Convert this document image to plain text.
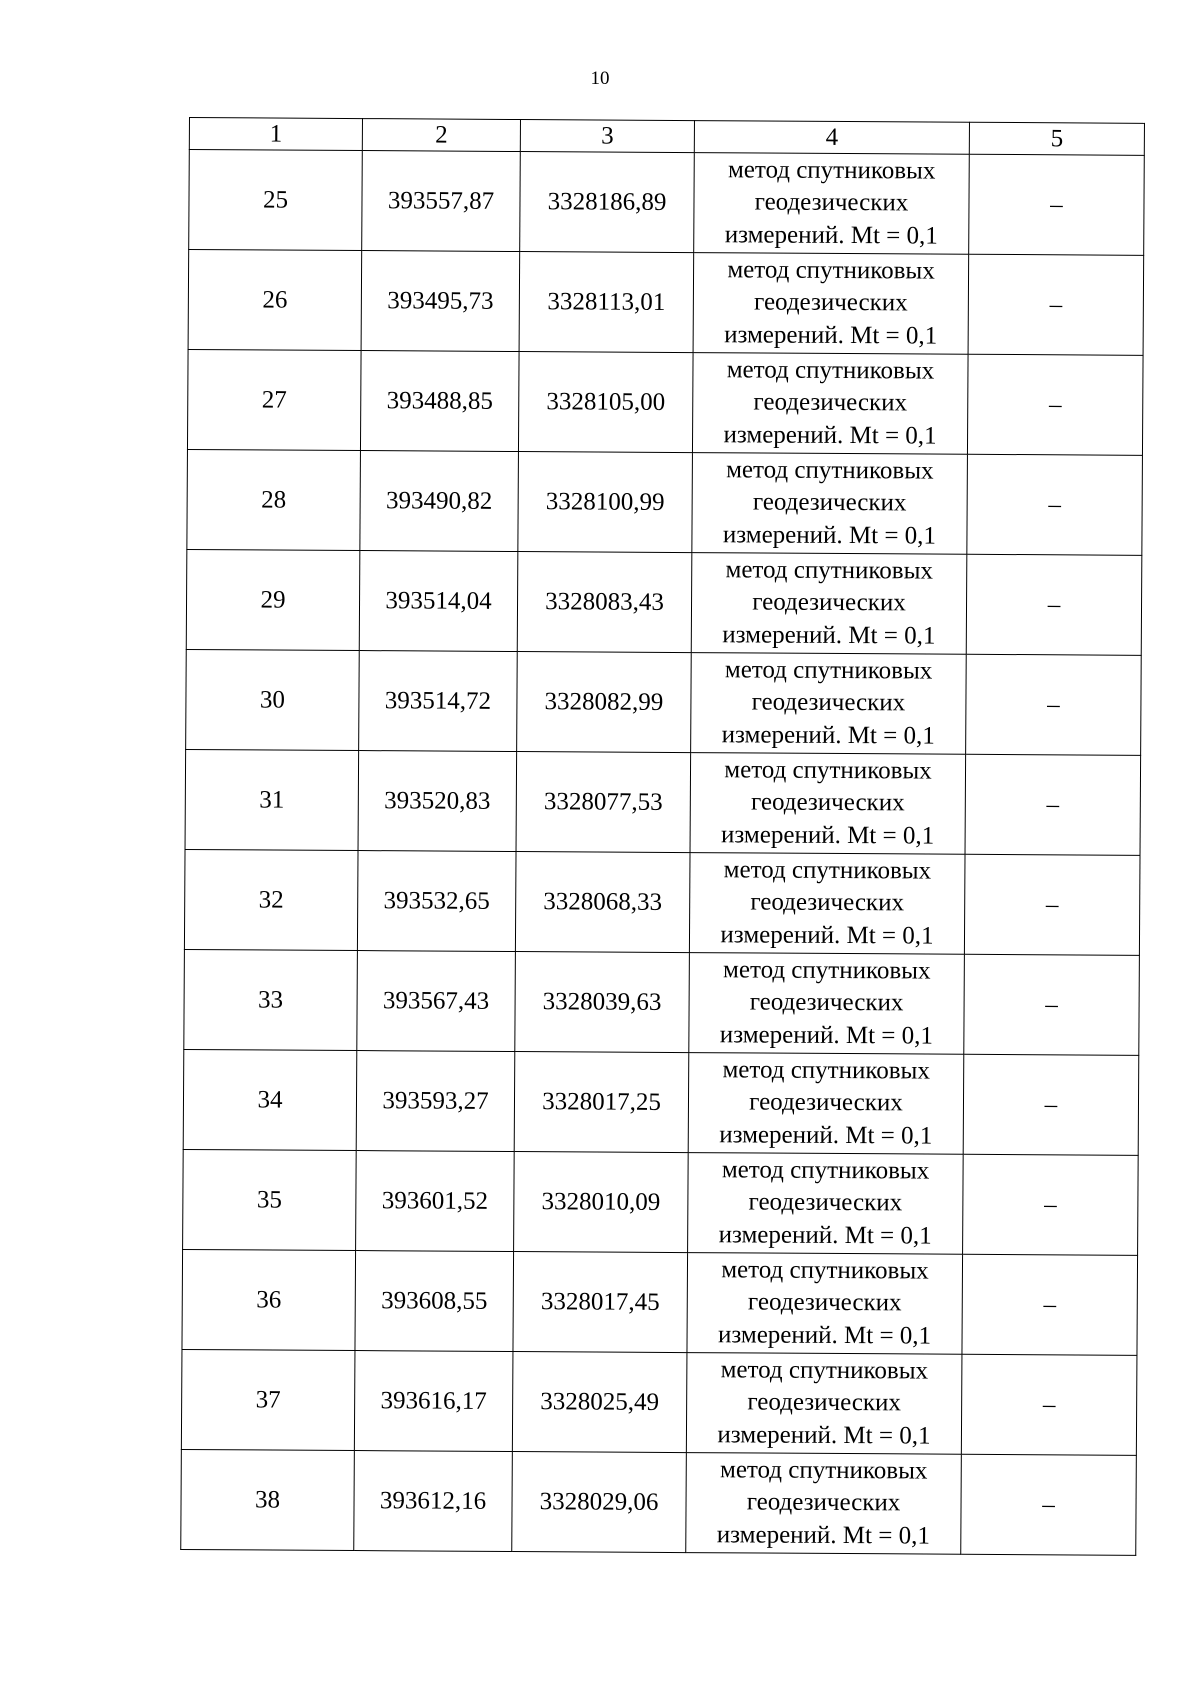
10
1	2	3	4	5
25	393557,87	3328186,89	метод спутниковых
геодезических
измерений. Mt = 0,1	–
26	393495,73	3328113,01	метод спутниковых
геодезических
измерений. Mt = 0,1	–
27	393488,85	3328105,00	метод спутниковых
геодезических
измерений. Mt = 0,1	–
28	393490,82	3328100,99	метод спутниковых
геодезических
измерений. Mt = 0,1	–
29	393514,04	3328083,43	метод спутниковых
геодезических
измерений. Mt = 0,1	–
30	393514,72	3328082,99	метод спутниковых
геодезических
измерений. Mt = 0,1	–
31	393520,83	3328077,53	метод спутниковых
геодезических
измерений. Mt = 0,1	–
32	393532,65	3328068,33	метод спутниковых
геодезических
измерений. Mt = 0,1	–
33	393567,43	3328039,63	метод спутниковых
геодезических
измерений. Mt = 0,1	–
34	393593,27	3328017,25	метод спутниковых
геодезических
измерений. Mt = 0,1	–
35	393601,52	3328010,09	метод спутниковых
геодезических
измерений. Mt = 0,1	–
36	393608,55	3328017,45	метод спутниковых
геодезических
измерений. Mt = 0,1	–
37	393616,17	3328025,49	метод спутниковых
геодезических
измерений. Mt = 0,1	–
38	393612,16	3328029,06	метод спутниковых
геодезических
измерений. Mt = 0,1	–
